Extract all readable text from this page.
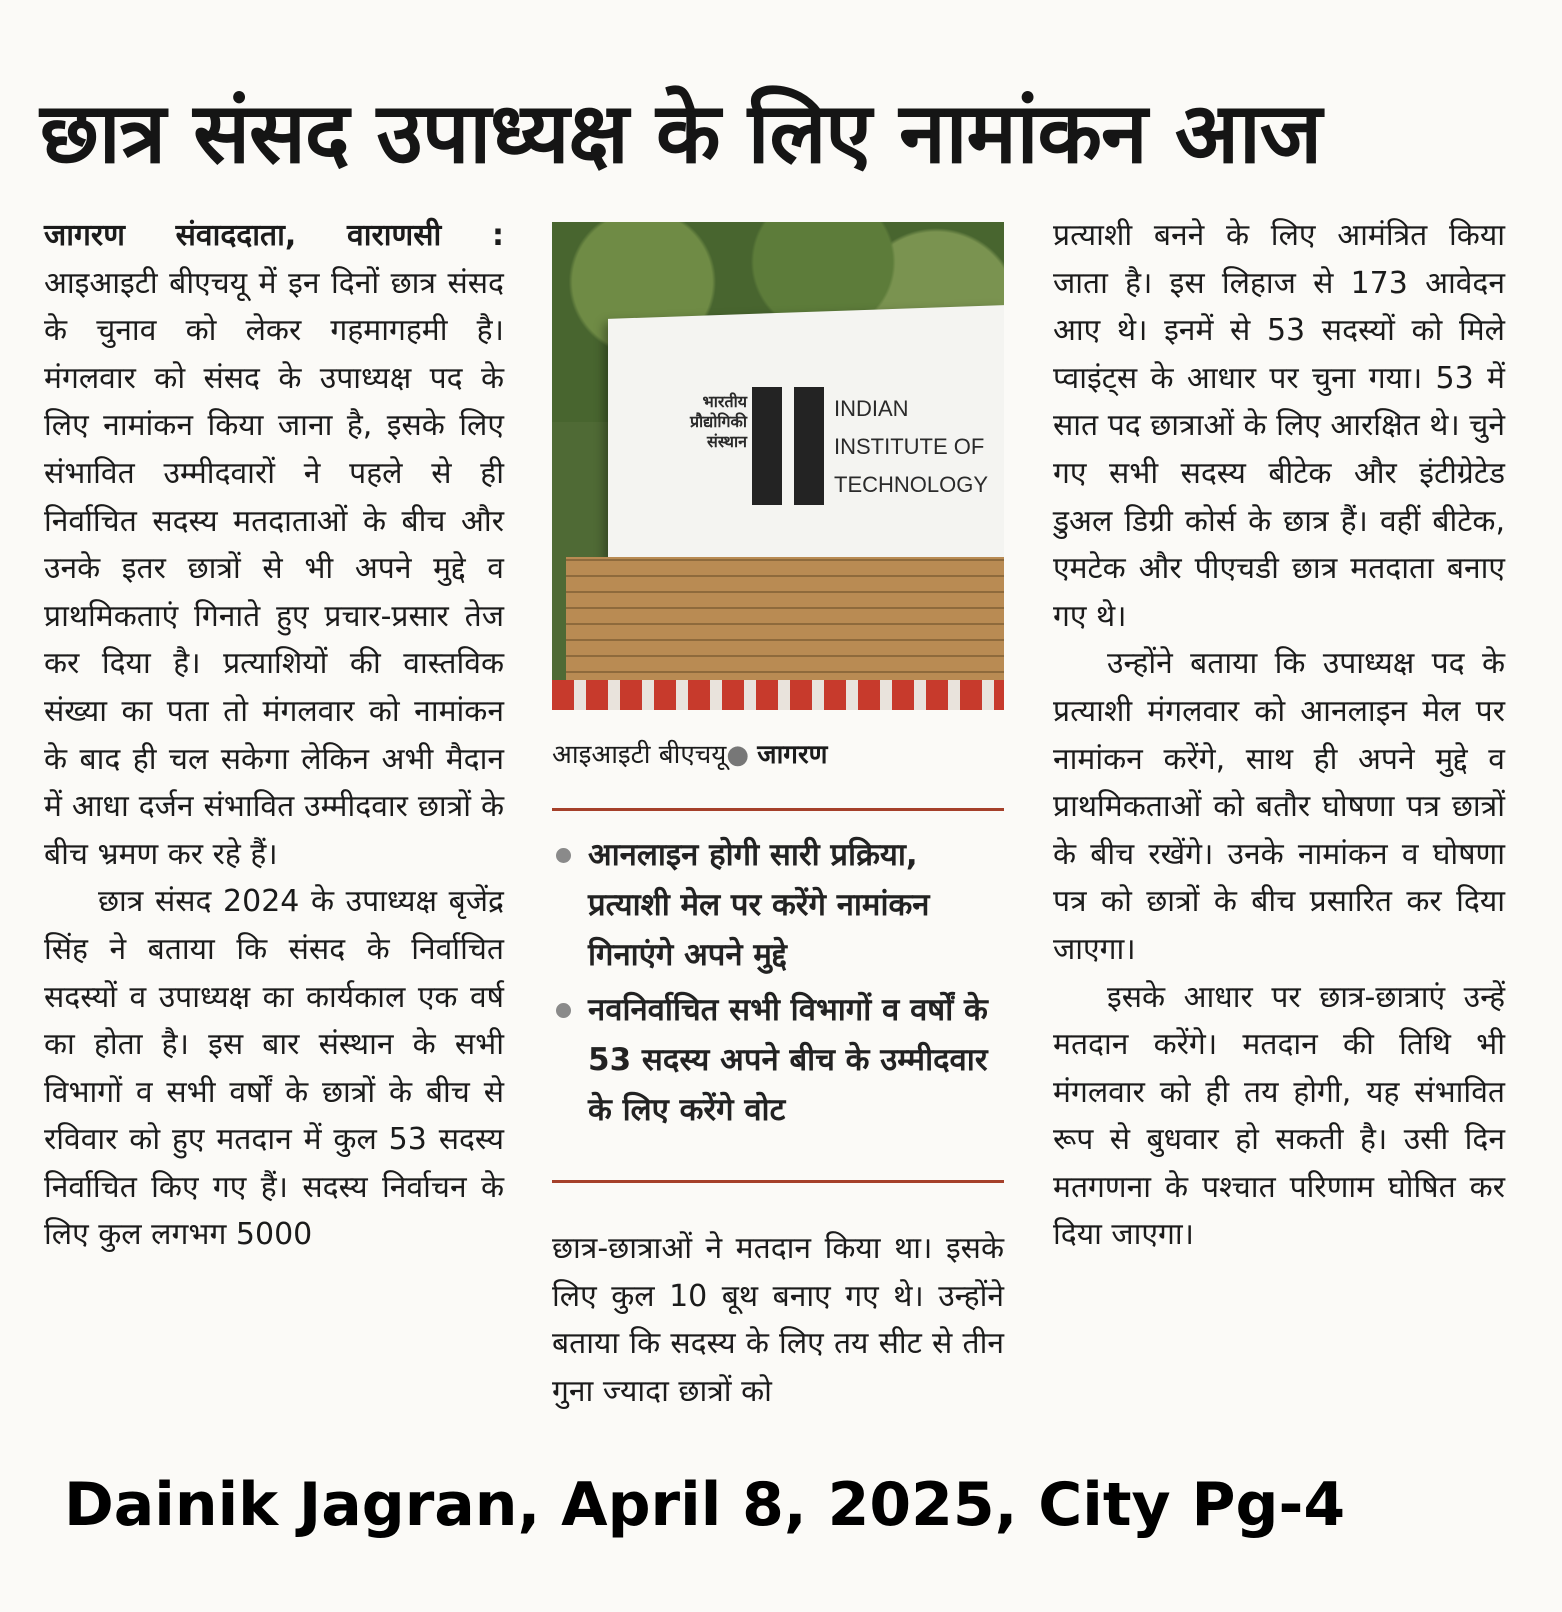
छात्र संसद उपाध्यक्ष के लिए नामांकन आज

जागरण संवाददाता, वाराणसी : आइआइटी बीएचयू में इन दिनों छात्र संसद के चुनाव को लेकर गहमागहमी है। मंगलवार को संसद के उपाध्यक्ष पद के लिए नामांकन किया जाना है, इसके लिए संभावित उम्मीदवारों ने पहले से ही निर्वाचित सदस्य मतदाताओं के बीच और उनके इतर छात्रों से भी अपने मुद्दे व प्राथमिकताएं गिनाते हुए प्रचार-प्रसार तेज कर दिया है। प्रत्याशियों की वास्तविक संख्या का पता तो मंगलवार को नामांकन के बाद ही चल सकेगा लेकिन अभी मैदान में आधा दर्जन संभावित उम्मीदवार छात्रों के बीच भ्रमण कर रहे हैं।

छात्र संसद 2024 के उपाध्यक्ष बृजेंद्र सिंह ने बताया कि संसद के निर्वाचित सदस्यों व उपाध्यक्ष का कार्यकाल एक वर्ष का होता है। इस बार संस्थान के सभी विभागों व सभी वर्षों के छात्रों के बीच से रविवार को हुए मतदान में कुल 53 सदस्य निर्वाचित किए गए हैं। सदस्य निर्वाचन के लिए कुल लगभग 5000

भारतीय प्रौद्योगिकी संस्थान
INDIAN
INSTITUTE OF
TECHNOLOGY
आइआइटी बीएचयू● जागरण
आनलाइन होगी सारी प्रक्रिया, प्रत्याशी मेल पर करेंगे नामांकन गिनाएंगे अपने मुद्दे
नवनिर्वाचित सभी विभागों व वर्षों के 53 सदस्य अपने बीच के उम्मीदवार के लिए करेंगे वोट

छात्र-छात्राओं ने मतदान किया था। इसके लिए कुल 10 बूथ बनाए गए थे। उन्होंने बताया कि सदस्य के लिए तय सीट से तीन गुना ज्यादा छात्रों को

प्रत्याशी बनने के लिए आमंत्रित किया जाता है। इस लिहाज से 173 आवेदन आए थे। इनमें से 53 सदस्यों को मिले प्वाइंट्स के आधार पर चुना गया। 53 में सात पद छात्राओं के लिए आरक्षित थे। चुने गए सभी सदस्य बीटेक और इंटीग्रेटेड डुअल डिग्री कोर्स के छात्र हैं। वहीं बीटेक, एमटेक और पीएचडी छात्र मतदाता बनाए गए थे।

उन्होंने बताया कि उपाध्यक्ष पद के प्रत्याशी मंगलवार को आनलाइन मेल पर नामांकन करेंगे, साथ ही अपने मुद्दे व प्राथमिकताओं को बतौर घोषणा पत्र छात्रों के बीच रखेंगे। उनके नामांकन व घोषणा पत्र को छात्रों के बीच प्रसारित कर दिया जाएगा।

इसके आधार पर छात्र-छात्राएं उन्हें मतदान करेंगे। मतदान की तिथि भी मंगलवार को ही तय होगी, यह संभावित रूप से बुधवार हो सकती है। उसी दिन मतगणना के पश्चात परिणाम घोषित कर दिया जाएगा।

Dainik Jagran, April 8, 2025, City Pg-4
